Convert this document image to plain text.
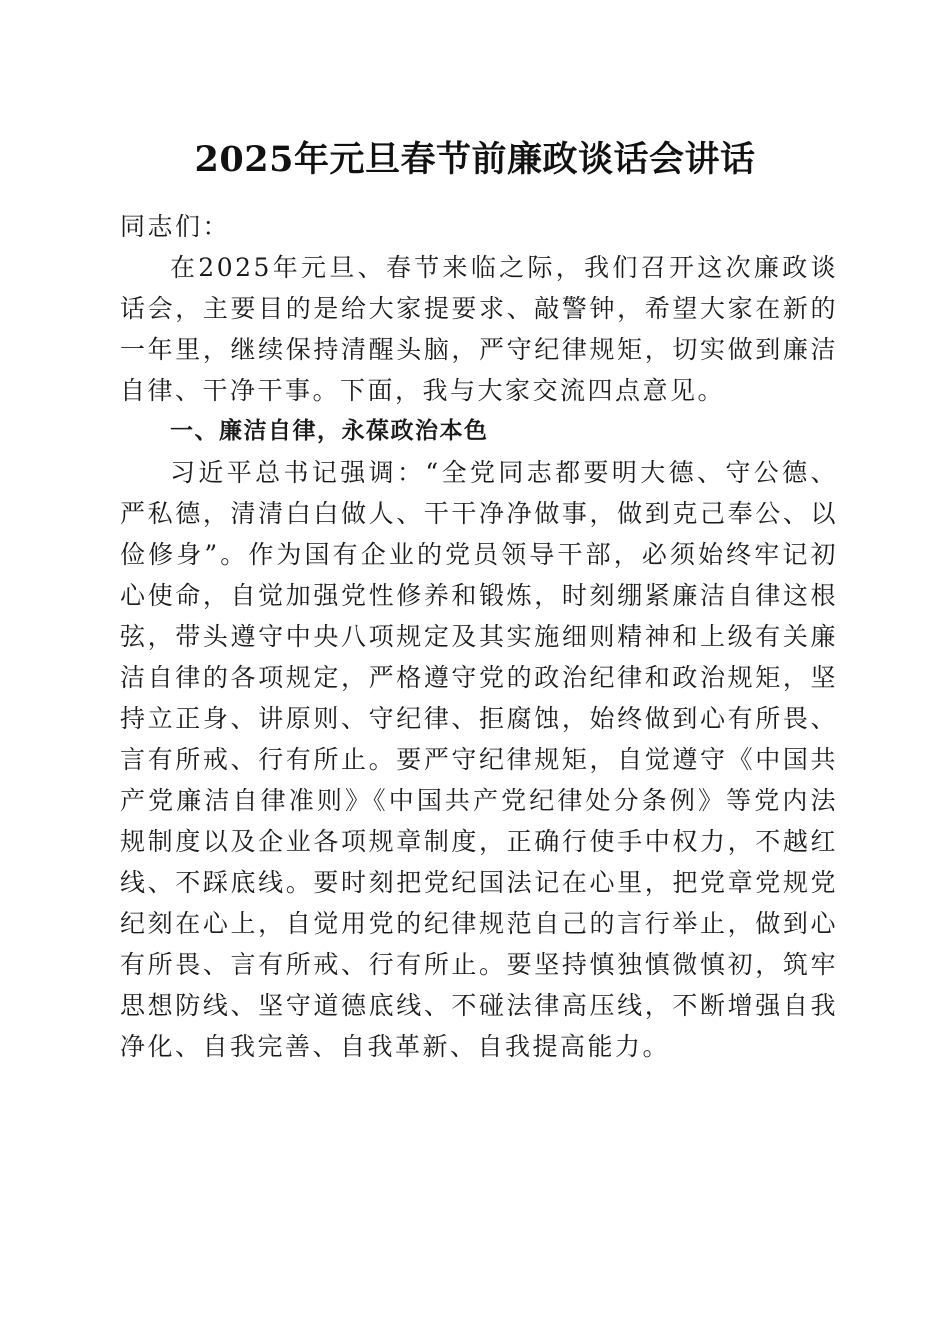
2025年元旦春节前廉政谈话会讲话

同志们：

在2025年元旦、春节来临之际，我们召开这次廉政谈话会，主要目的是给大家提要求、敲警钟，希望大家在新的一年里，继续保持清醒头脑，严守纪律规矩，切实做到廉洁自律、干净干事。下面，我与大家交流四点意见。

一、廉洁自律，永葆政治本色

习近平总书记强调：“全党同志都要明大德、守公德、严私德，清清白白做人、干干净净做事，做到克己奉公、以俭修身”。作为国有企业的党员领导干部，必须始终牢记初心使命，自觉加强党性修养和锻炼，时刻绷紧廉洁自律这根弦，带头遵守中央八项规定及其实施细则精神和上级有关廉洁自律的各项规定，严格遵守党的政治纪律和政治规矩，坚持立正身、讲原则、守纪律、拒腐蚀，始终做到心有所畏、言有所戒、行有所止。要严守纪律规矩，自觉遵守《中国共产党廉洁自律准则》《中国共产党纪律处分条例》等党内法规制度以及企业各项规章制度，正确行使手中权力，不越红线、不踩底线。要时刻把党纪国法记在心里，把党章党规党纪刻在心上，自觉用党的纪律规范自己的言行举止，做到心有所畏、言有所戒、行有所止。要坚持慎独慎微慎初，筑牢思想防线、坚守道德底线、不碰法律高压线，不断增强自我净化、自我完善、自我革新、自我提高能力。
